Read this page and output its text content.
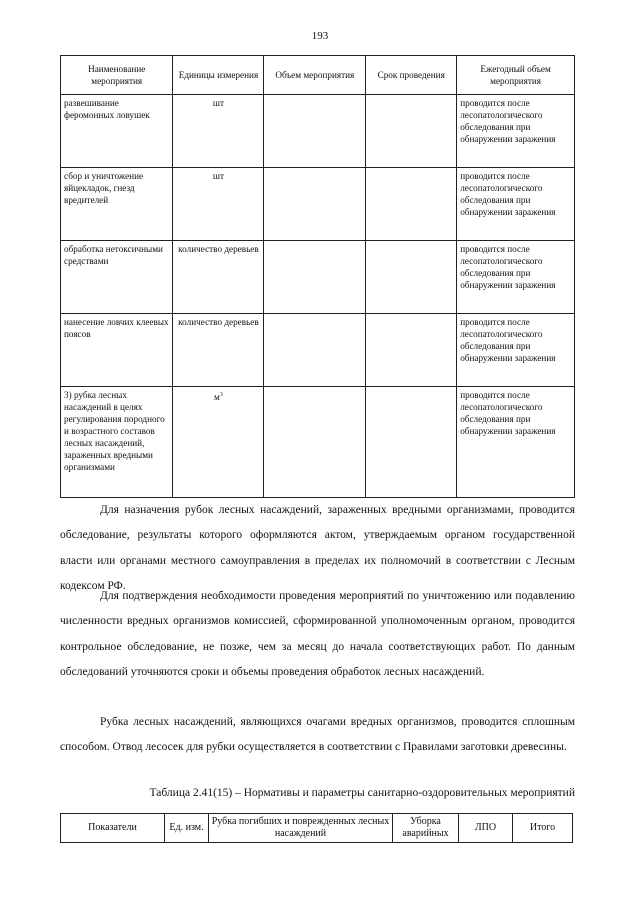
193
Наименование мероприятия	Единицы измерения	Объем мероприятия	Срок проведения	Ежегодный объем мероприятия
развешивание феромонных ловушек	шт			проводится после лесопатологического обследования при обнаружении заражения
сбор и уничтожение яйцекладок, гнезд вредителей	шт			проводится после лесопатологического обследования при обнаружении заражения
обработка нетоксичными средствами	количество деревьев			проводится после лесопатологического обследования при обнаружении заражения
нанесение ловчих клеевых поясов	количество деревьев			проводится после лесопатологического обследования при обнаружении заражения
3) рубка лесных насаждений в целях регулирования породного и возрастного составов лесных насаждений, зараженных вредными организмами	$м^3$			проводится после лесопатологического обследования при обнаружении заражения

Для назначения рубок лесных насаждений, зараженных вредными организмами, проводится обследование, результаты которого оформляются актом, утверждаемым органом государственной власти или органами местного самоуправления в пределах их полномочий в соответствии с Лесным кодексом РФ.

Для подтверждения необходимости проведения мероприятий по уничтожению или подавлению численности вредных организмов комиссией, сформированной уполномоченным органом, проводится контрольное обследование, не позже, чем за месяц до начала соответствующих работ. По данным обследований уточняются сроки и объемы проведения обработок лесных насаждений.

Рубка лесных насаждений, являющихся очагами вредных организмов, проводится сплошным способом. Отвод лесосек для рубки осуществляется в соответствии с Правилами заготовки древесины.

Таблица 2.41(15) – Нормативы и параметры санитарно-оздоровительных мероприятий

Показатели	Ед. изм.	Рубка погибших и поврежденных лесных насаждений	Уборка аварийных	ЛПО	Итого
